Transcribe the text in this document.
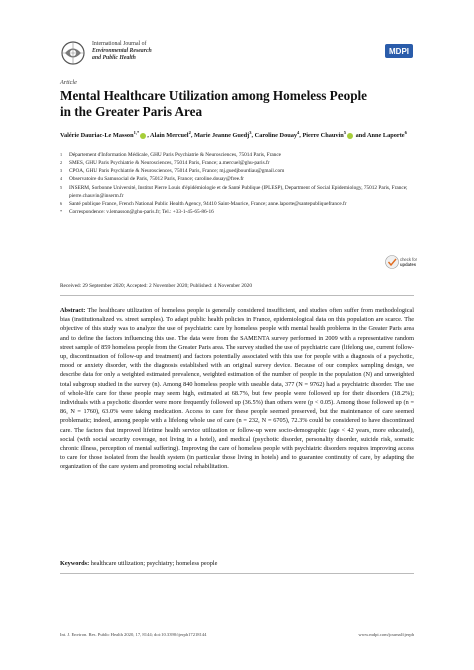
International Journal of
Environmental Research
and Public Health
MDPI
Article
Mental Healthcare Utilization among Homeless People in the Greater Paris Area
Valérie Dauriac-Le Masson$^{1,*}$ , Alain Mercuel$^2$, Marie Jeanne Guedj$^3$, Caroline Douay$^4$, Pierre Chauvin$^5$ and Anne Laporte$^6$
1	Département d'Information Médicale, GHU Paris Psychiatrie & Neurosciences, 75014 Paris, France
2	SMES, GHU Paris Psychiatrie & Neurosciences, 75014 Paris, France; a.mercuel@ghu-paris.fr
3	CPOA, GHU Paris Psychiatrie & Neurosciences, 75014 Paris, France; mj.guedjbourdiau@gmail.com
4	Observatoire du Samusocial de Paris, 75012 Paris, France; caroline.douay@free.fr
5	INSERM, Sorbonne Université, Institut Pierre Louis d'épidémiologie et de Santé Publique (IPLESP), Department of Social Epidemiology, 75012 Paris, France; pierre.chauvin@inserm.fr
6	Santé publique France, French National Public Health Agency, 94410 Saint-Maurice, France; anne.laporte@santepubliquefrance.fr
*	Correspondence: v.lemasson@ghu-paris.fr; Tel.: +33-1-45-65-86-16
check for
updates
Received: 29 September 2020; Accepted: 2 November 2020; Published: 4 November 2020
Abstract: The healthcare utilization of homeless people is generally considered insufficient, and studies often suffer from methodological bias (institutionalized vs. street samples). To adapt public health policies in France, epidemiological data on this population are scarce. The objective of this study was to analyze the use of psychiatric care by homeless people with mental health problems in the Greater Paris area and to define the factors influencing this use. The data were from the SAMENTA survey performed in 2009 with a representative random street sample of 859 homeless people from the Greater Paris area. The survey studied the use of psychiatric care (lifelong use, current follow-up, discontinuation of follow-up and treatment) and factors potentially associated with this use for people with a diagnosis of a psychotic, mood or anxiety disorder, with the diagnosis established with an original survey device. Because of our complex sampling design, we describe data for only a weighted estimated prevalence, weighted estimation of the number of people in the population (N) and unweighted total subgroup studied in the survey (n). Among 840 homeless people with useable data, 377 (N = 9762) had a psychiatric disorder. The use of whole-life care for these people may seem high, estimated at 68.7%, but few people were followed up for their disorders (18.2%); individuals with a psychotic disorder were more frequently followed up (36.5%) than others were (p < 0.05). Among those followed up (n = 86, N = 1760), 63.0% were taking medication. Access to care for these people seemed preserved, but the maintenance of care seemed problematic; indeed, among people with a lifelong whole use of care (n = 232, N = 6705), 72.3% could be considered to have discontinued care. The factors that improved lifetime health service utilization or follow-up were socio-demographic (age < 42 years, more educated), social (with social security coverage, not living in a hotel), and medical (psychotic disorder, personality disorder, suicide risk, somatic chronic illness, perception of mental suffering). Improving the care of homeless people with psychiatric disorders requires improving access to care for those isolated from the health system (in particular those living in hotels) and to guarantee continuity of care, by adapting the organization of the care system and promoting social rehabilitation.
Keywords: healthcare utilization; psychiatry; homeless people
Int. J. Environ. Res. Public Health 2020, 17, 8144; doi:10.3390/ijerph17218144	www.mdpi.com/journal/ijerph
